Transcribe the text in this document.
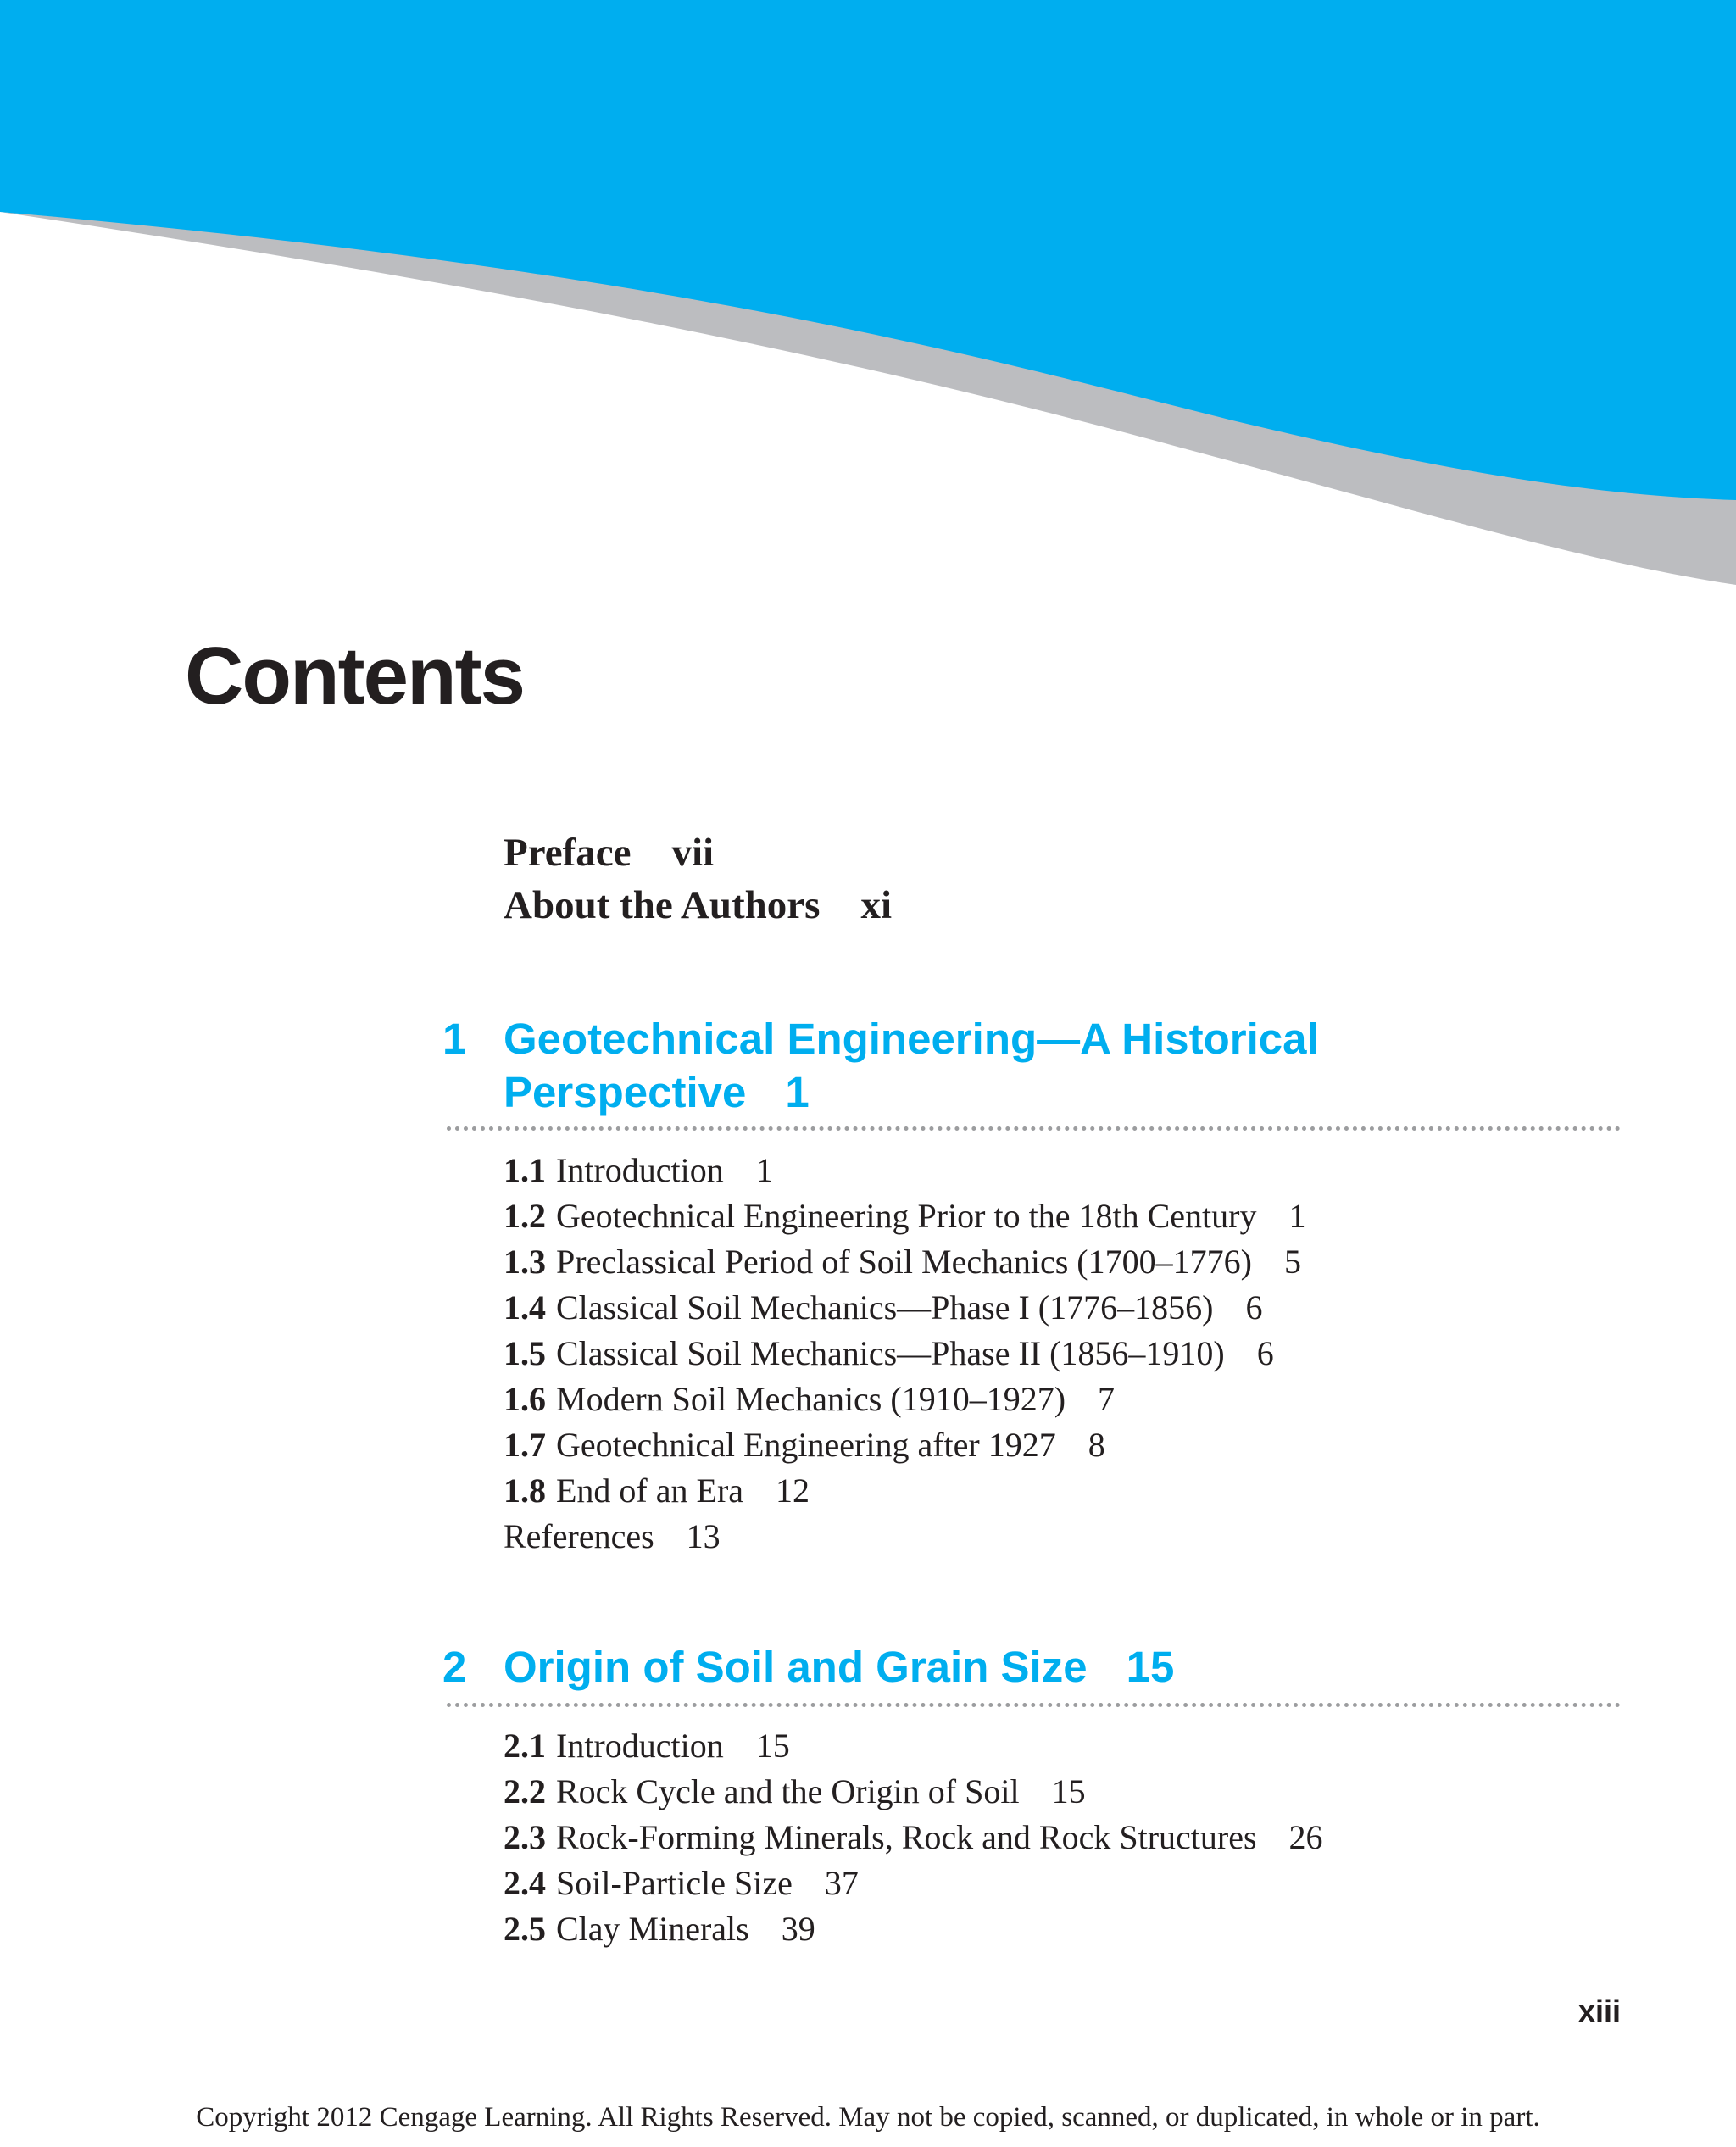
Contents
Preface vii
About the Authors xi
1 Geotechnical Engineering—A Historical
Perspective 1
1.1 Introduction 1
1.2 Geotechnical Engineering Prior to the 18th Century 1
1.3 Preclassical Period of Soil Mechanics (1700–1776) 5
1.4 Classical Soil Mechanics—Phase I (1776–1856) 6
1.5 Classical Soil Mechanics—Phase II (1856–1910) 6
1.6 Modern Soil Mechanics (1910–1927) 7
1.7 Geotechnical Engineering after 1927 8
1.8 End of an Era 12
References 13
2 Origin of Soil and Grain Size 15
2.1 Introduction 15
2.2 Rock Cycle and the Origin of Soil 15
2.3 Rock-Forming Minerals, Rock and Rock Structures 26
2.4 Soil-Particle Size 37
2.5 Clay Minerals 39
xiii
Copyright 2012 Cengage Learning. All Rights Reserved. May not be copied, scanned, or duplicated, in whole or in part.
